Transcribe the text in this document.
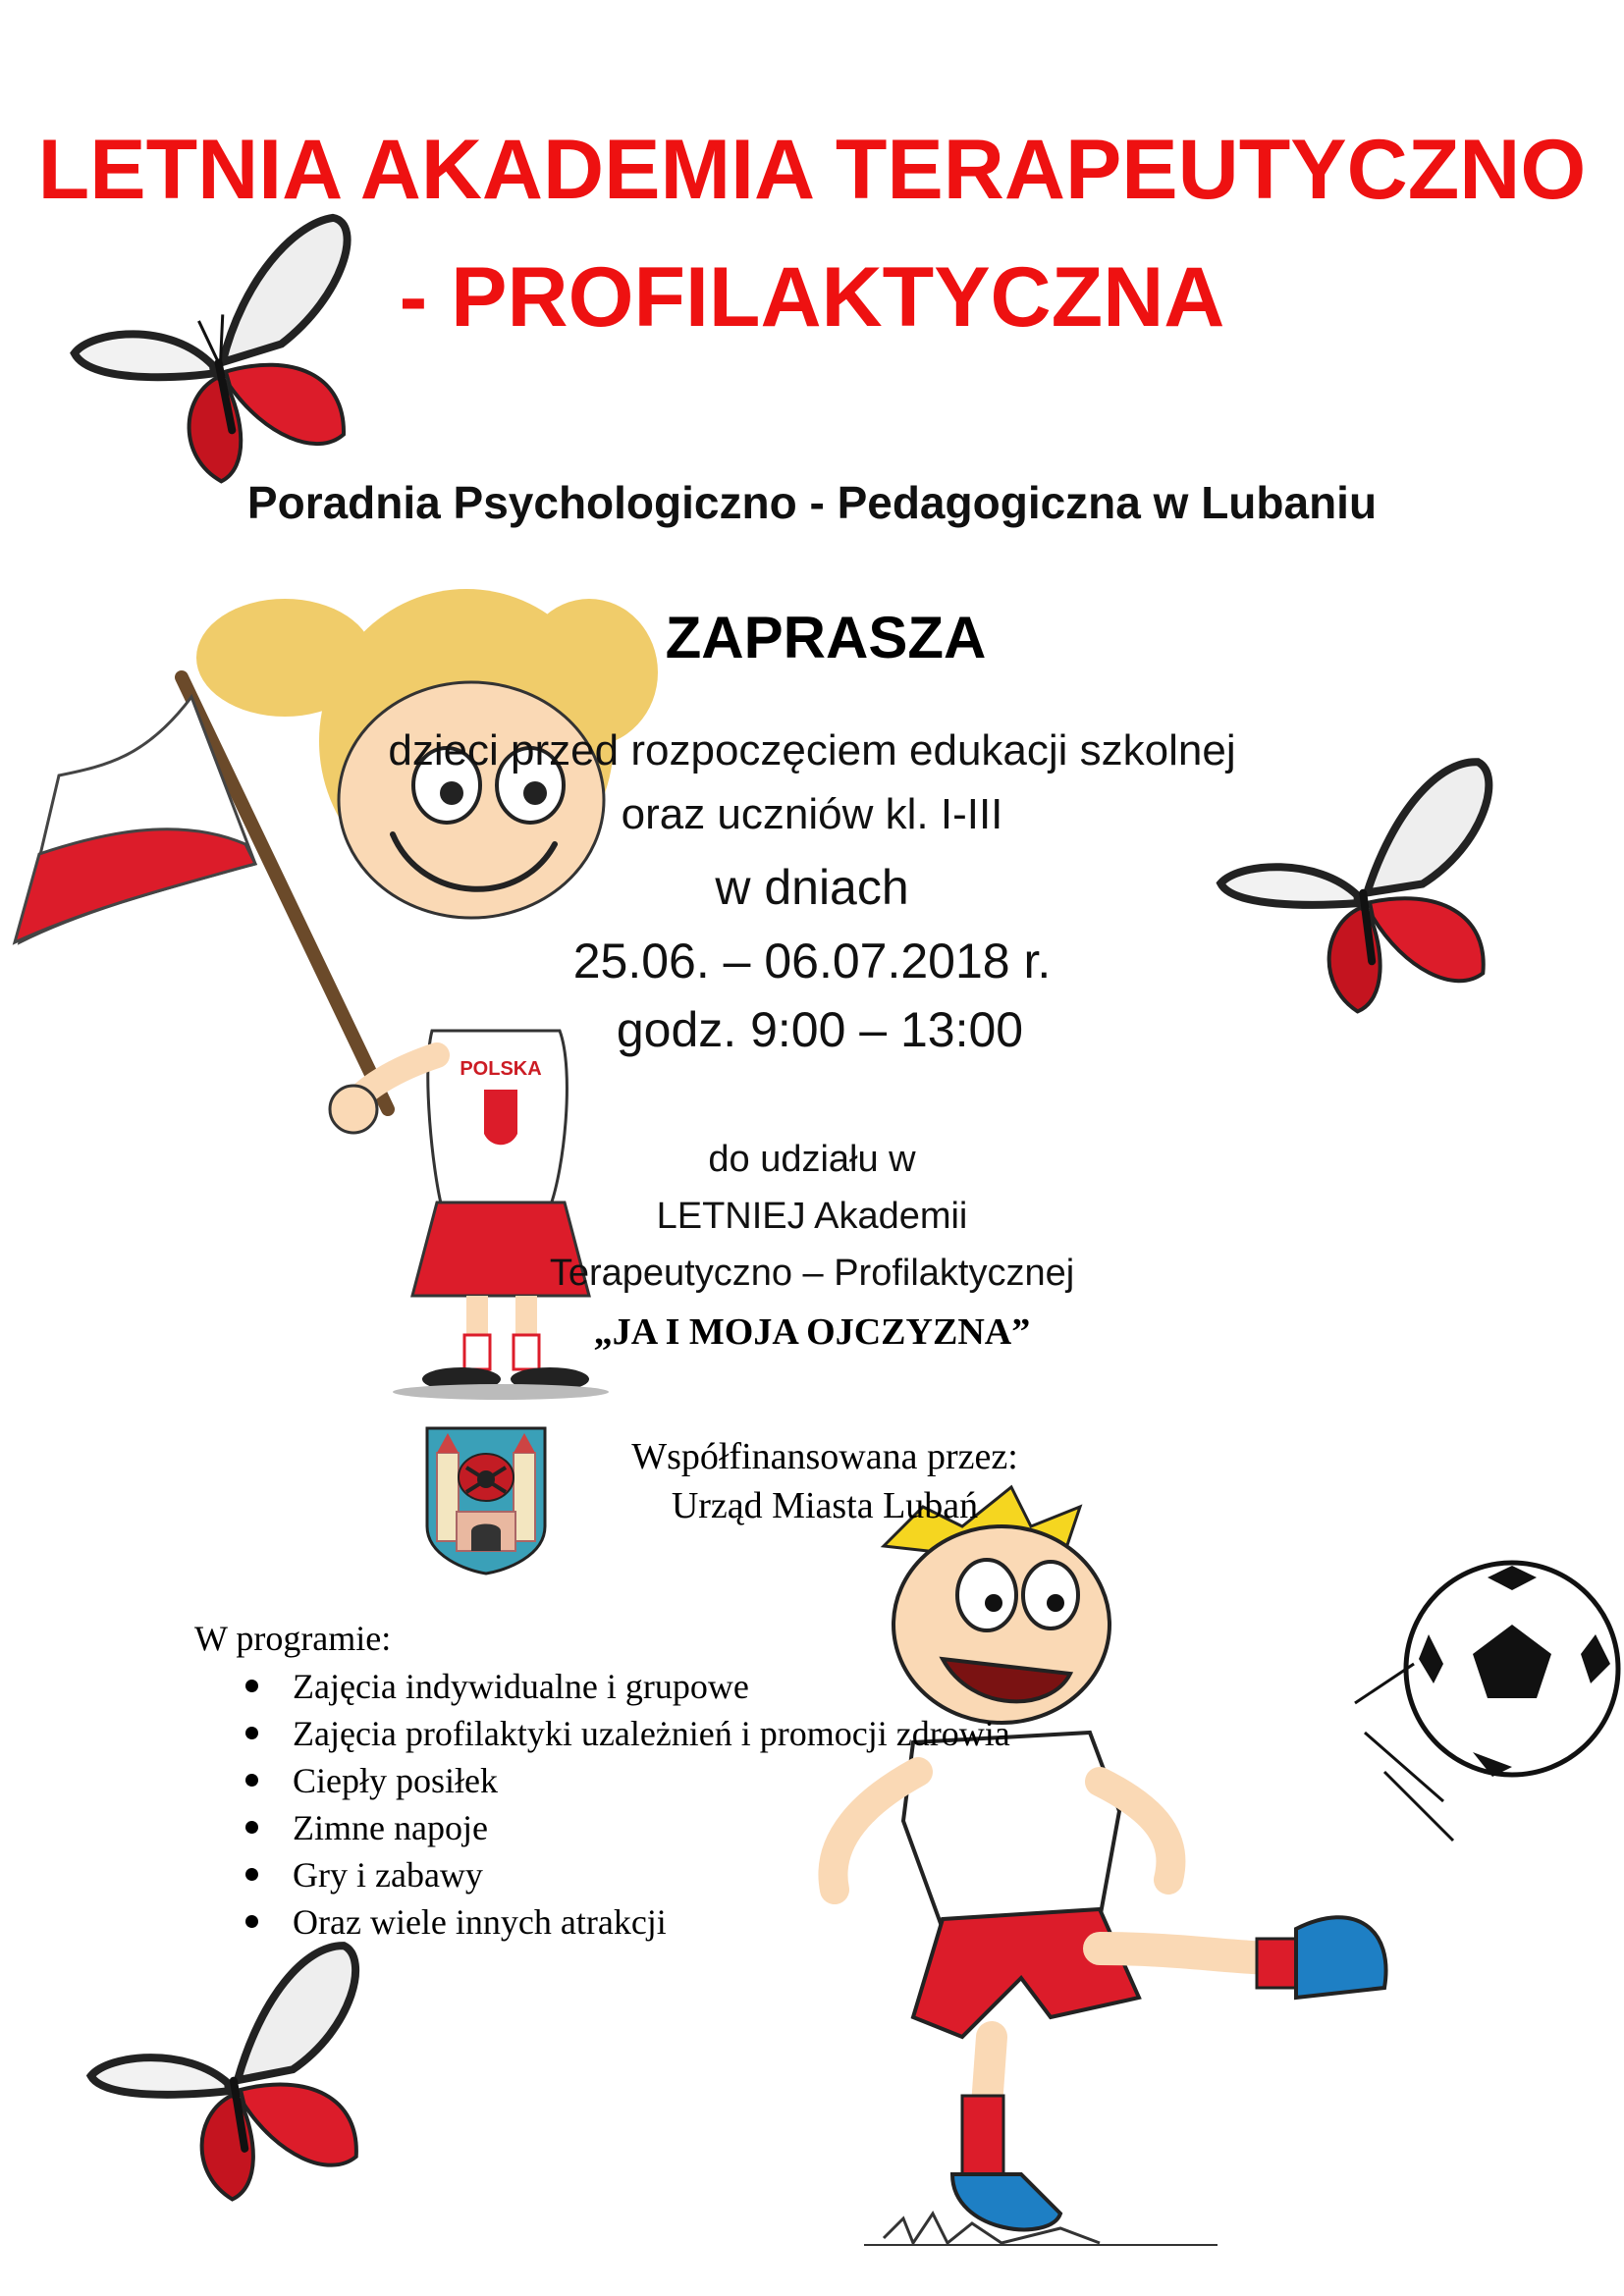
POLSKA
LETNIA AKADEMIA TERAPEUTYCZNO
- PROFILAKTYCZNA
Poradnia Psychologiczno - Pedagogiczna w Lubaniu
ZAPRASZA
dzieci przed rozpoczęciem edukacji szkolnej
oraz uczniów kl. I-III
w dniach
25.06. – 06.07.2018 r.
godz. 9:00 – 13:00
do udziału w
LETNIEJ Akademii
Terapeutyczno – Profilaktycznej
„JA I MOJA OJCZYZNA”
Współfinansowana przez:
Urząd Miasta Lubań
W programie:
Zajęcia indywidualne i grupowe
Zajęcia profilaktyki uzależnień i promocji zdrowia
Ciepły posiłek
Zimne napoje
Gry i zabawy
Oraz wiele innych atrakcji
